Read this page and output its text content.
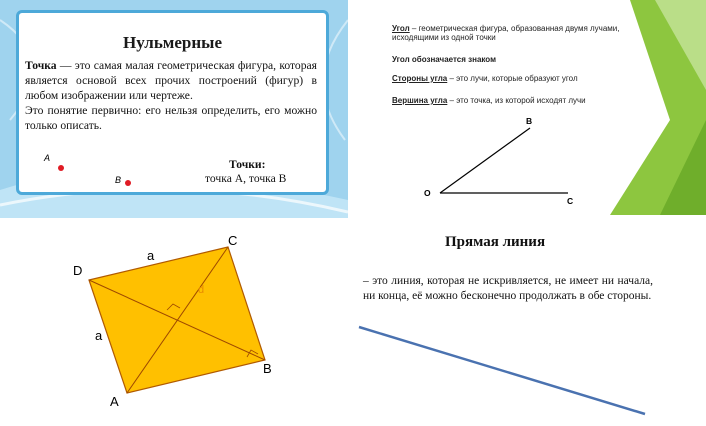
Нульмерные

Точка — это самая малая геометрическая фигура, которая является основой всех прочих построений (фигур) в любом изображении или чертеже.

Это понятие первично: его нельзя определить, его можно только описать.

A
B
Точки:
точка A, точка B
Угол – геометрическая фигура, образованная двумя лучами, исходящими из одной точки
Угол обозначается знаком
Стороны угла – это лучи, которые образуют угол
Вершина угла – это точка, из которой исходят лучи
O
B
C
a
a
d
D
C
B
A
Прямая линия
– это линия, которая не искривляется, не имеет ни начала, ни конца, её можно бесконечно продолжать в обе стороны.
